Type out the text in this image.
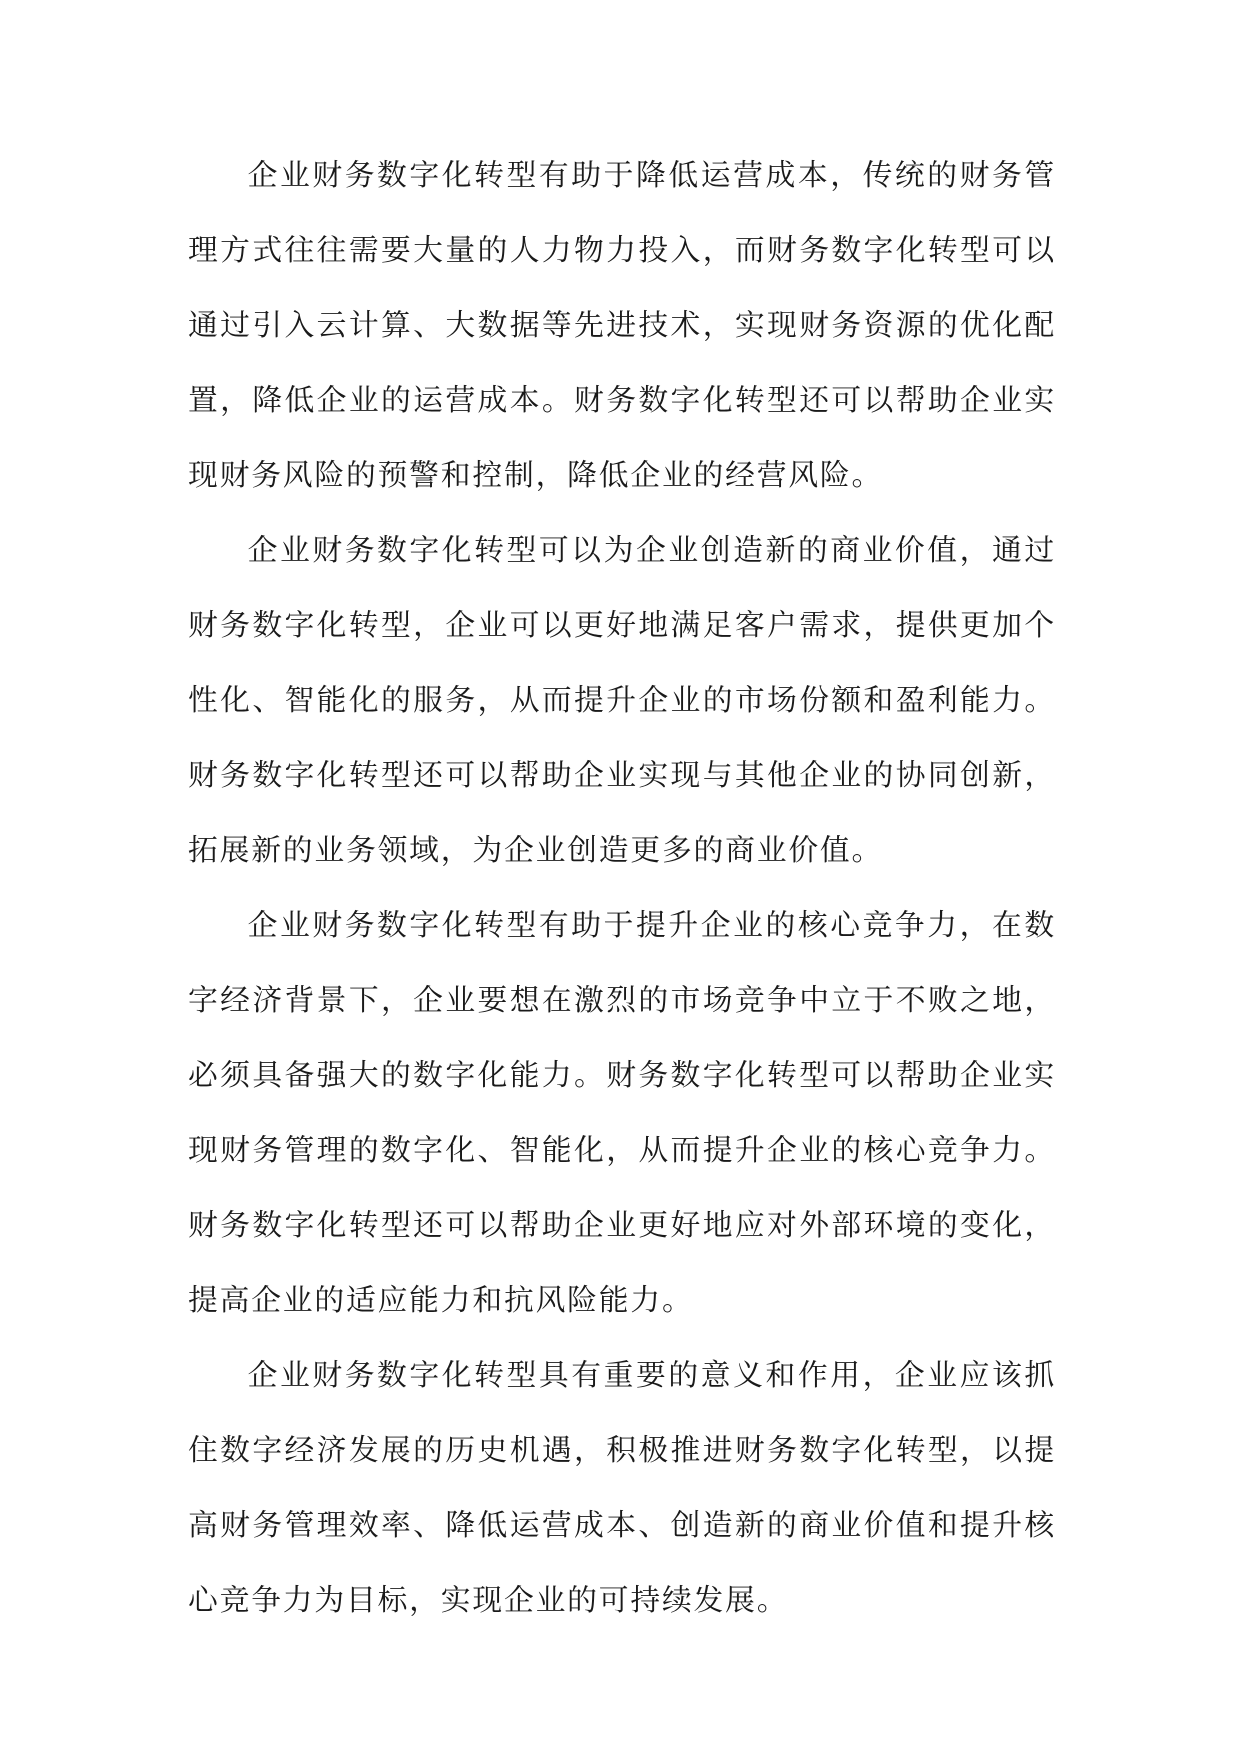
企业财务数字化转型有助于降低运营成本，传统的财务管理方式往往需要大量的人力物力投入，而财务数字化转型可以通过引入云计算、大数据等先进技术，实现财务资源的优化配置，降低企业的运营成本。财务数字化转型还可以帮助企业实现财务风险的预警和控制，降低企业的经营风险。

企业财务数字化转型可以为企业创造新的商业价值，通过财务数字化转型，企业可以更好地满足客户需求，提供更加个性化、智能化的服务，从而提升企业的市场份额和盈利能力。财务数字化转型还可以帮助企业实现与其他企业的协同创新，拓展新的业务领域，为企业创造更多的商业价值。

企业财务数字化转型有助于提升企业的核心竞争力，在数字经济背景下，企业要想在激烈的市场竞争中立于不败之地，必须具备强大的数字化能力。财务数字化转型可以帮助企业实现财务管理的数字化、智能化，从而提升企业的核心竞争力。财务数字化转型还可以帮助企业更好地应对外部环境的变化，提高企业的适应能力和抗风险能力。

企业财务数字化转型具有重要的意义和作用，企业应该抓住数字经济发展的历史机遇，积极推进财务数字化转型，以提高财务管理效率、降低运营成本、创造新的商业价值和提升核心竞争力为目标，实现企业的可持续发展。
